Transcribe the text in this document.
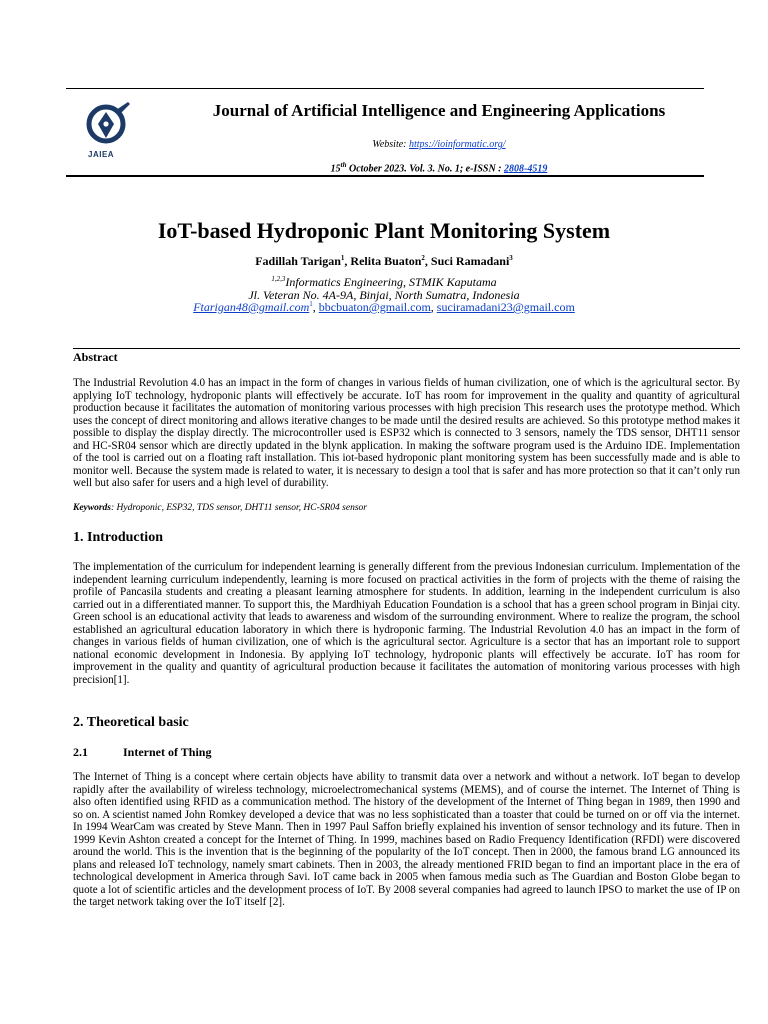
JAIEA
Journal of Artificial Intelligence and Engineering Applications
Website: https://ioinformatic.org/
15th October 2023. Vol. 3. No. 1; e-ISSN : 2808-4519
IoT-based Hydroponic Plant Monitoring System
Fadillah Tarigan$^1$, Relita Buaton$^2$, Suci Ramadani$^3$
$^{1,2,3}$Informatics Engineering, STMIK Kaputama
Jl. Veteran No. 4A-9A, Binjai, North Sumatra, Indonesia
Ftarigan48@gmail.com$^1$, bbcbuaton@gmail.com, suciramadani23@gmail.com
Abstract
The Industrial Revolution 4.0 has an impact in the form of changes in various fields of human civilization, one of which is the agricultural sector. By applying IoT technology, hydroponic plants will effectively be accurate. IoT has room for improvement in the quality and quantity of agricultural production because it facilitates the automation of monitoring various processes with high precision This research uses the prototype method. Which uses the concept of direct monitoring and allows iterative changes to be made until the desired results are achieved. So this prototype method makes it possible to display the display directly. The microcontroller used is ESP32 which is connected to 3 sensors, namely the TDS sensor, DHT11 sensor and HC-SR04 sensor which are directly updated in the blynk application. In making the software program used is the Arduino IDE. Implementation of the tool is carried out on a floating raft installation. This iot-based hydroponic plant monitoring system has been successfully made and is able to monitor well. Because the system made is related to water, it is necessary to design a tool that is safer and has more protection so that it can’t only run well but also safer for users and a high level of durability.
Keywords: Hydroponic, ESP32, TDS sensor, DHT11 sensor, HC-SR04 sensor
1. Introduction
The implementation of the curriculum for independent learning is generally different from the previous Indonesian curriculum. Implementation of the independent learning curriculum independently, learning is more focused on practical activities in the form of projects with the theme of raising the profile of Pancasila students and creating a pleasant learning atmosphere for students. In addition, learning in the independent curriculum is also carried out in a differentiated manner. To support this, the Mardhiyah Education Foundation is a school that has a green school program in Binjai city. Green school is an educational activity that leads to awareness and wisdom of the surrounding environment. Where to realize the program, the school established an agricultural education laboratory in which there is hydroponic farming. The Industrial Revolution 4.0 has an impact in the form of changes in various fields of human civilization, one of which is the agricultural sector. Agriculture is a sector that has an important role to support national economic development in Indonesia. By applying IoT technology, hydroponic plants will effectively be accurate. IoT has room for improvement in the quality and quantity of agricultural production because it facilitates the automation of monitoring various processes with high precision[1].
2. Theoretical basic
2.1	Internet of Thing
The Internet of Thing is a concept where certain objects have ability to transmit data over a network and without a network. IoT began to develop rapidly after the availability of wireless technology, microelectromechanical systems (MEMS), and of course the internet. The Internet of Thing is also often identified using RFID as a communication method. The history of the development of the Internet of Thing began in 1989, then 1990 and so on. A scientist named John Romkey developed a device that was no less sophisticated than a toaster that could be turned on or off via the internet. In 1994 WearCam was created by Steve Mann. Then in 1997 Paul Saffon briefly explained his invention of sensor technology and its future. Then in 1999 Kevin Ashton created a concept for the Internet of Thing. In 1999, machines based on Radio Frequency Identification (RFDI) were discovered around the world. This is the invention that is the beginning of the popularity of the IoT concept. Then in 2000, the famous brand LG announced its plans and released IoT technology, namely smart cabinets. Then in 2003, the already mentioned FRID began to find an important place in the era of technological development in America through Savi. IoT came back in 2005 when famous media such as The Guardian and Boston Globe began to quote a lot of scientific articles and the development process of IoT. By 2008 several companies had agreed to launch IPSO to market the use of IP on the target network taking over the IoT itself [2].
